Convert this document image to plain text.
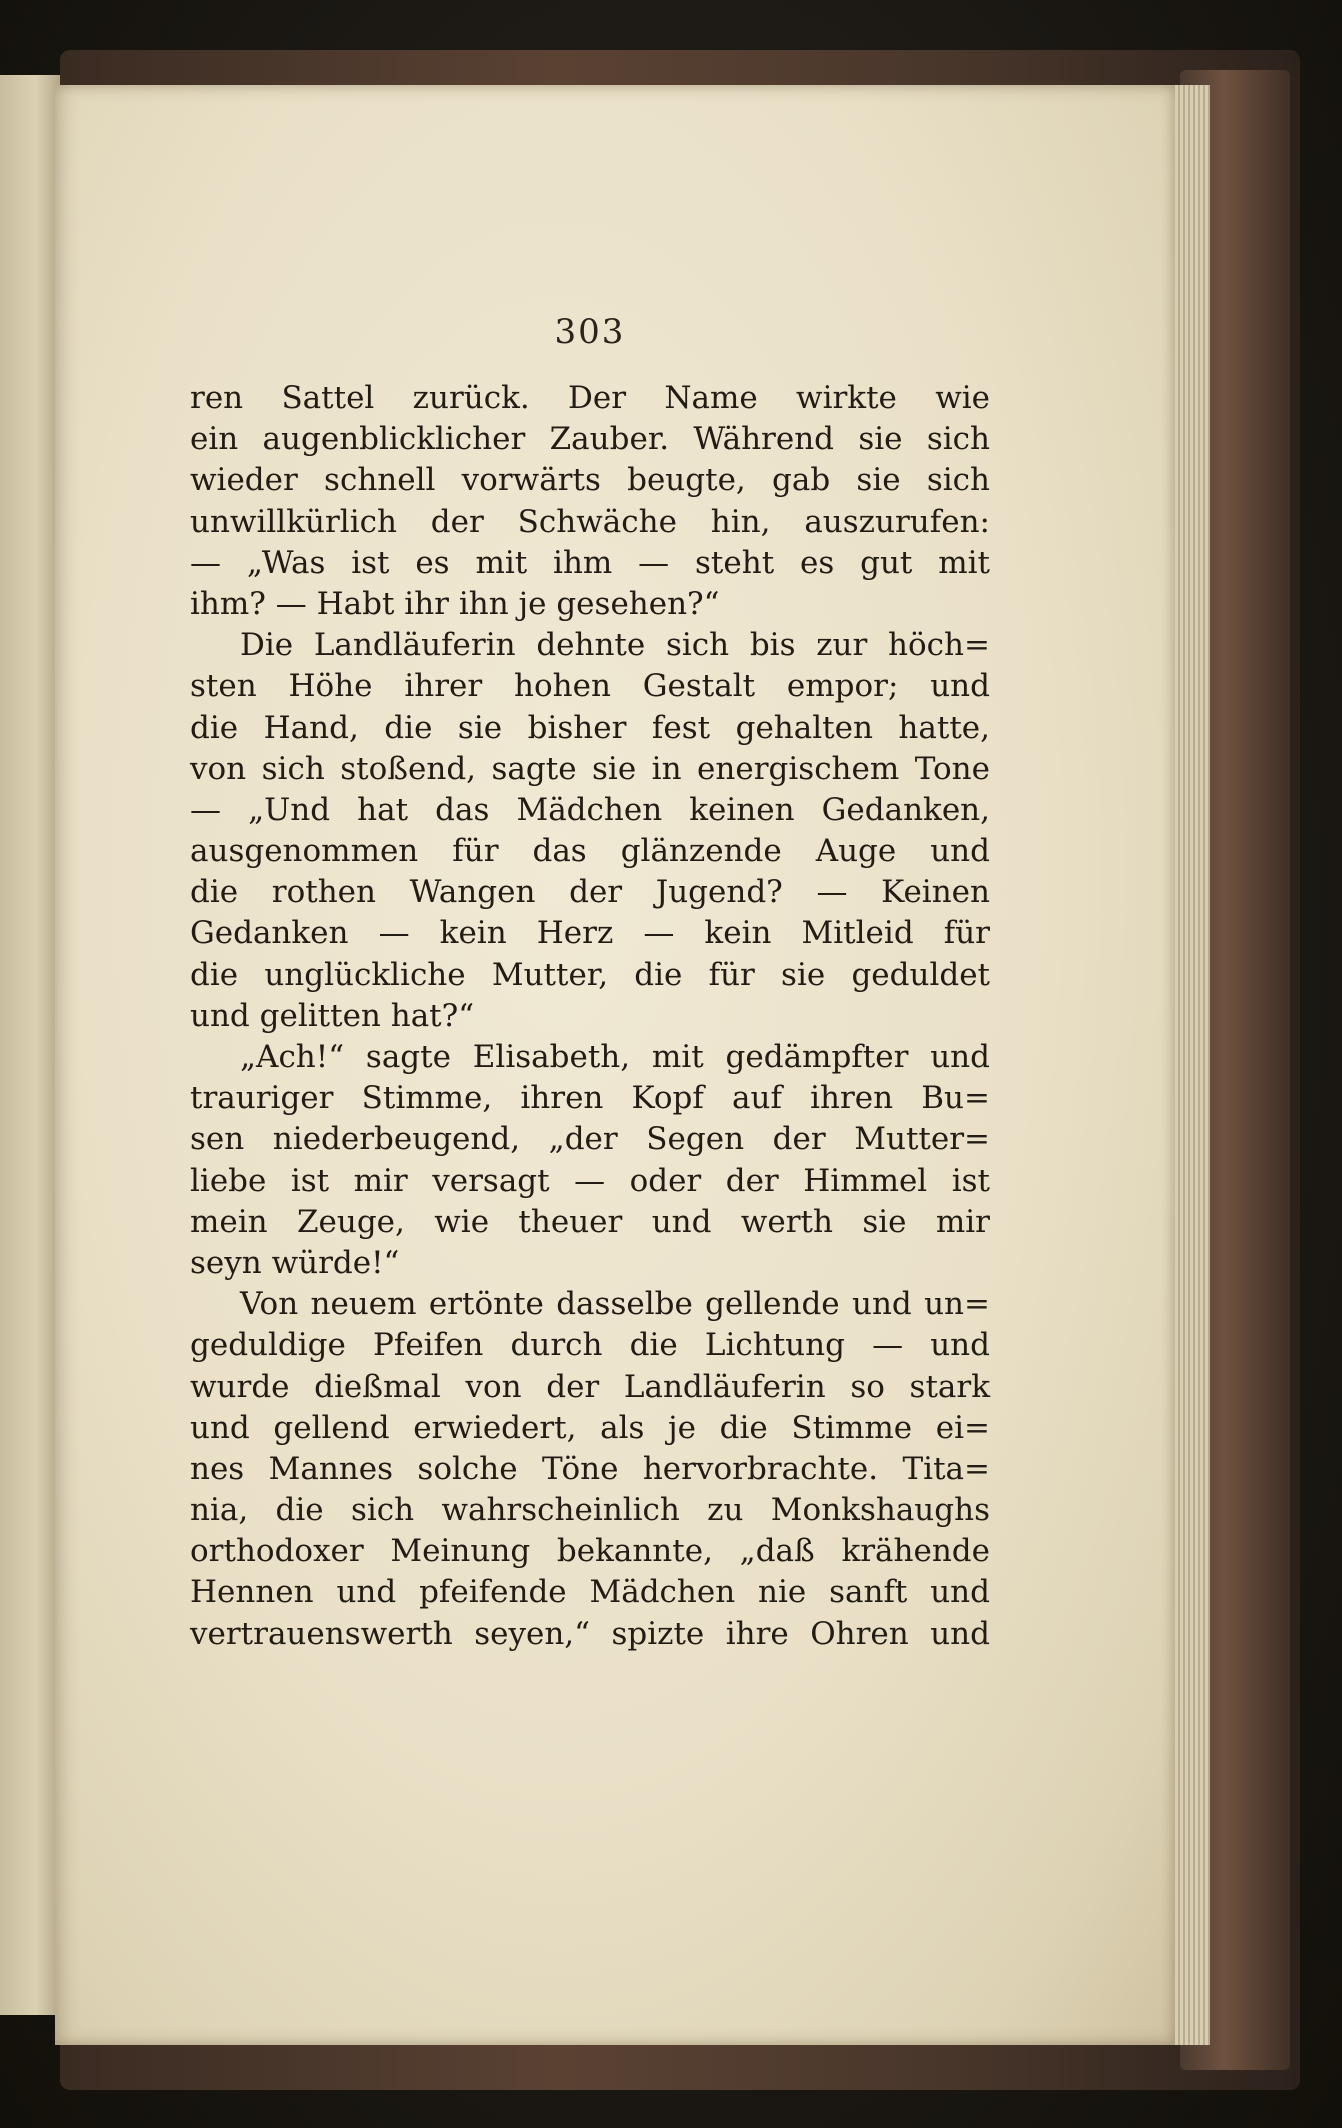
303
ren Sattel zurück. Der Name wirkte wie
ein augenblicklicher Zauber. Während sie sich
wieder schnell vorwärts beugte, gab sie sich
unwillkürlich der Schwäche hin, auszurufen:
— „Was ist es mit ihm — steht es gut mit
ihm? — Habt ihr ihn je gesehen?“
Die Landläuferin dehnte sich bis zur höch=
sten Höhe ihrer hohen Gestalt empor; und
die Hand, die sie bisher fest gehalten hatte,
von sich stoßend, sagte sie in energischem Tone
— „Und hat das Mädchen keinen Gedanken,
ausgenommen für das glänzende Auge und
die rothen Wangen der Jugend? — Keinen
Gedanken — kein Herz — kein Mitleid für
die unglückliche Mutter, die für sie geduldet
und gelitten hat?“
„Ach!“ sagte Elisabeth, mit gedämpfter und
trauriger Stimme, ihren Kopf auf ihren Bu=
sen niederbeugend, „der Segen der Mutter=
liebe ist mir versagt — oder der Himmel ist
mein Zeuge, wie theuer und werth sie mir
seyn würde!“
Von neuem ertönte dasselbe gellende und un=
geduldige Pfeifen durch die Lichtung — und
wurde dießmal von der Landläuferin so stark
und gellend erwiedert, als je die Stimme ei=
nes Mannes solche Töne hervorbrachte. Tita=
nia, die sich wahrscheinlich zu Monkshaughs
orthodoxer Meinung bekannte, „daß krähende
Hennen und pfeifende Mädchen nie sanft und
vertrauenswerth seyen,“ spizte ihre Ohren und
